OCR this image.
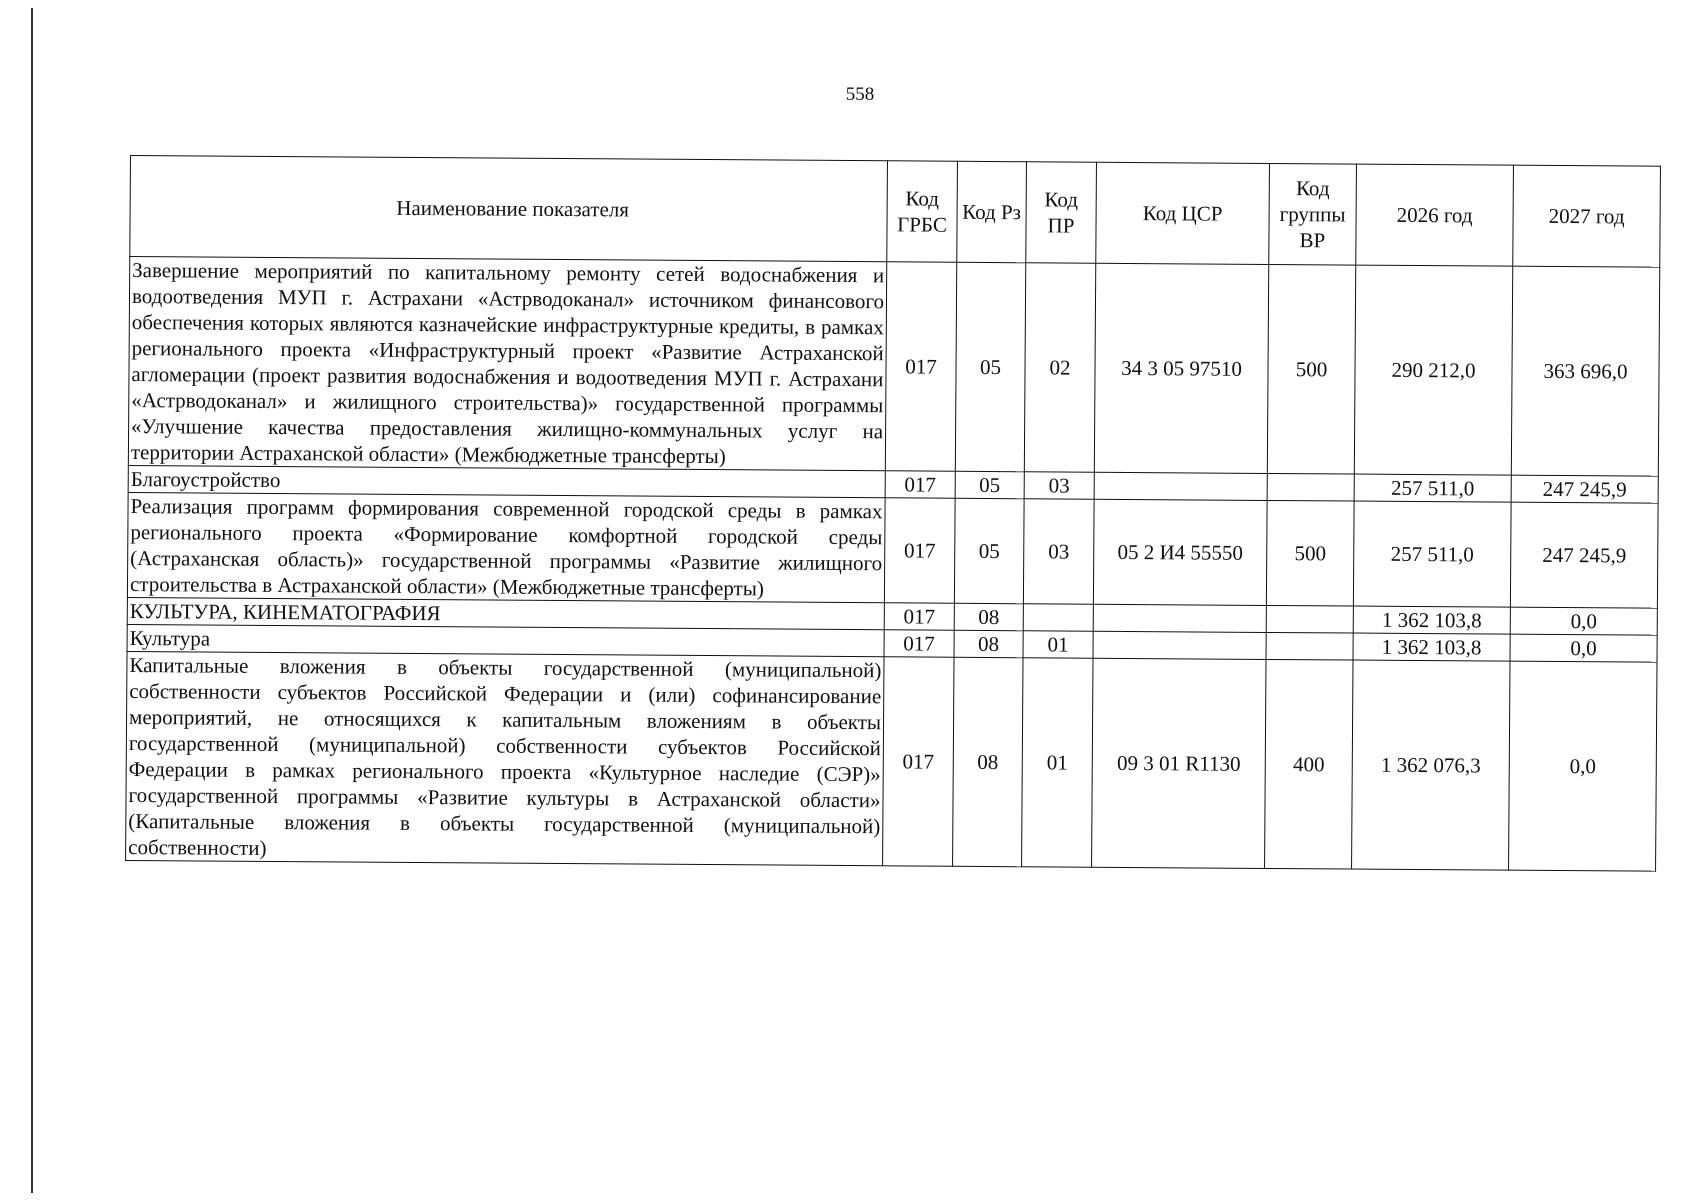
558
Наименование показателя	Код ГРБС	Код Рз	Код ПР	Код ЦСР	Код группы ВР	2026 год	2027 год
Завершение мероприятий по капитальному ремонту сетей водоснабжения и водоотведения МУП г. Астрахани «Астрводоканал» источником финансового обеспечения которых являются казначейские инфраструктурные кредиты, в рамках регионального проекта «Инфраструктурный проект «Развитие Астраханской агломерации (проект развития водоснабжения и водоотведения МУП г. Астрахани «Астрводоканал» и жилищного строительства)» государственной программы «Улучшение качества предоставления жилищно-коммунальных услуг на территории Астраханской области» (Межбюджетные трансферты)	017	05	02	34 3 05 97510	500	290 212,0	363 696,0
Благоустройство	017	05	03			257 511,0	247 245,9
Реализация программ формирования современной городской среды в рамках регионального проекта «Формирование комфортной городской среды (Астраханская область)» государственной программы «Развитие жилищного строительства в Астраханской области» (Межбюджетные трансферты)	017	05	03	05 2 И4 55550	500	257 511,0	247 245,9
КУЛЬТУРА, КИНЕМАТОГРАФИЯ	017	08				1 362 103,8	0,0
Культура	017	08	01			1 362 103,8	0,0
Капитальные вложения в объекты государственной (муниципальной) собственности субъектов Российской Федерации и (или) софинансирование мероприятий, не относящихся к капитальным вложениям в объекты государственной (муниципальной) собственности субъектов Российской Федерации в рамках регионального проекта «Культурное наследие (СЭР)» государственной программы «Развитие культуры в Астраханской области» (Капитальные вложения в объекты государственной (муниципальной) собственности)	017	08	01	09 3 01 R1130	400	1 362 076,3	0,0
